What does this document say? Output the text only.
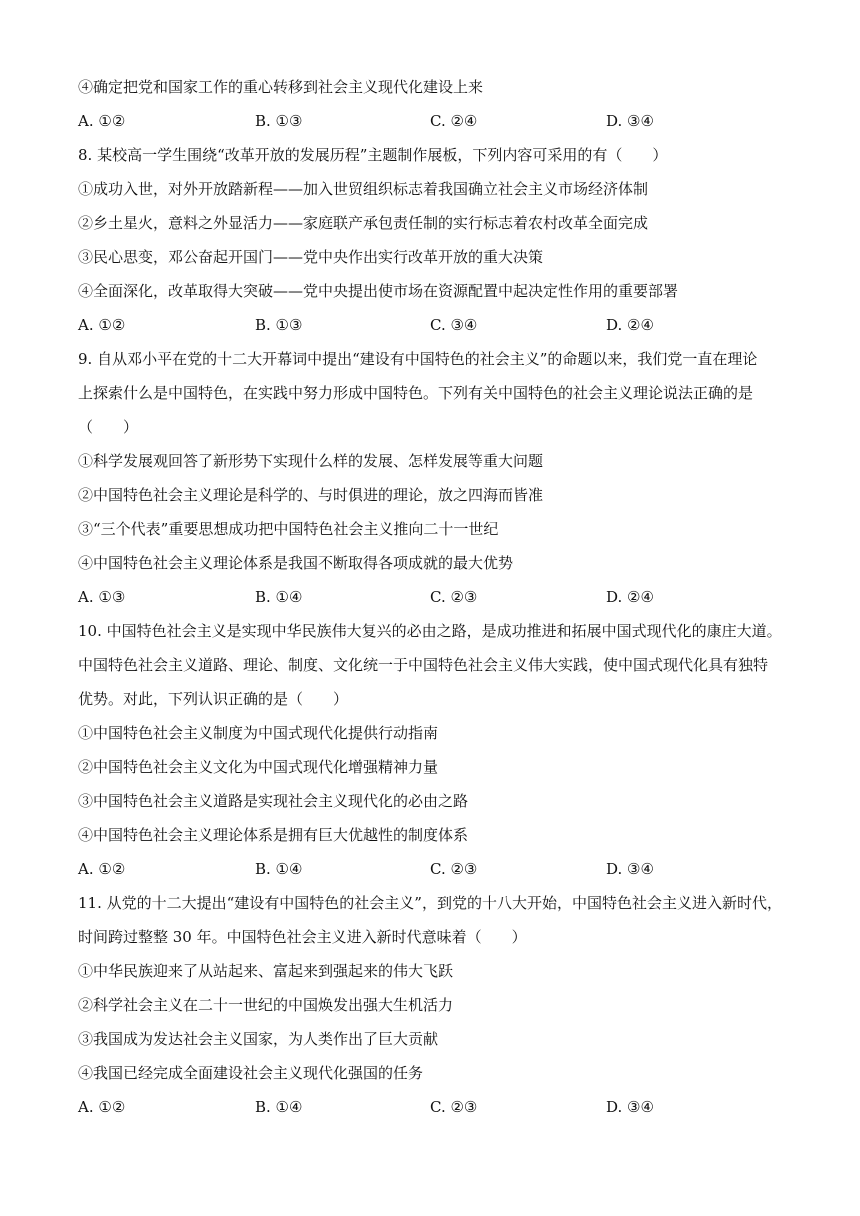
④确定把党和国家工作的重心转移到社会主义现代化建设上来
A. ①②	B. ①③	C. ②④	D. ③④
8. 某校高一学生围绕“改革开放的发展历程”主题制作展板，下列内容可采用的有（　　）
①成功入世，对外开放踏新程——加入世贸组织标志着我国确立社会主义市场经济体制
②乡土星火，意料之外显活力——家庭联产承包责任制的实行标志着农村改革全面完成
③民心思变，邓公奋起开国门——党中央作出实行改革开放的重大决策
④全面深化，改革取得大突破——党中央提出使市场在资源配置中起决定性作用的重要部署
A. ①②	B. ①③	C. ③④	D. ②④
9. 自从邓小平在党的十二大开幕词中提出“建设有中国特色的社会主义”的命题以来，我们党一直在理论
上探索什么是中国特色，在实践中努力形成中国特色。下列有关中国特色的社会主义理论说法正确的是
（　　）
①科学发展观回答了新形势下实现什么样的发展、怎样发展等重大问题
②中国特色社会主义理论是科学的、与时俱进的理论，放之四海而皆准
③“三个代表”重要思想成功把中国特色社会主义推向二十一世纪
④中国特色社会主义理论体系是我国不断取得各项成就的最大优势
A. ①③	B. ①④	C. ②③	D. ②④
10. 中国特色社会主义是实现中华民族伟大复兴的必由之路，是成功推进和拓展中国式现代化的康庄大道。
中国特色社会主义道路、理论、制度、文化统一于中国特色社会主义伟大实践，使中国式现代化具有独特
优势。对此，下列认识正确的是（　　）
①中国特色社会主义制度为中国式现代化提供行动指南
②中国特色社会主义文化为中国式现代化增强精神力量
③中国特色社会主义道路是实现社会主义现代化的必由之路
④中国特色社会主义理论体系是拥有巨大优越性的制度体系
A. ①②	B. ①④	C. ②③	D. ③④
11. 从党的十二大提出“建设有中国特色的社会主义”，到党的十八大开始，中国特色社会主义进入新时代，
时间跨过整整 30 年。中国特色社会主义进入新时代意味着（　　）
①中华民族迎来了从站起来、富起来到强起来的伟大飞跃
②科学社会主义在二十一世纪的中国焕发出强大生机活力
③我国成为发达社会主义国家，为人类作出了巨大贡献
④我国已经完成全面建设社会主义现代化强国的任务
A. ①②	B. ①④	C. ②③	D. ③④
